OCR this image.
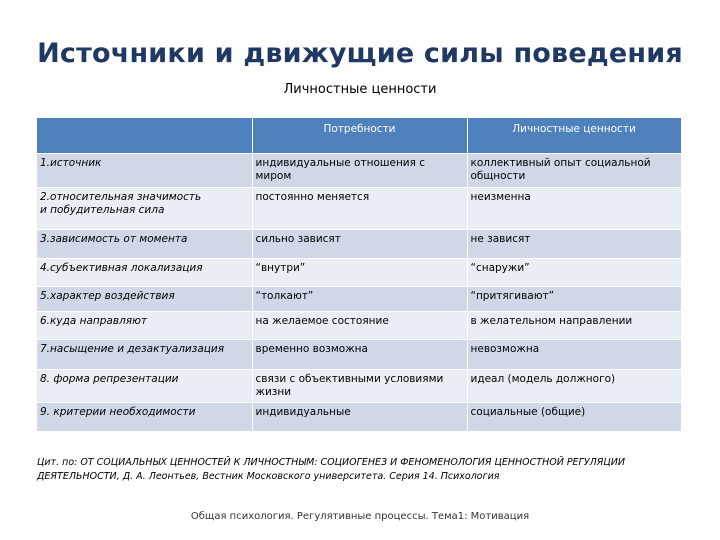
Источники и движущие силы поведения
Личностные ценности
	Потребности	Личностные ценности
1.источник	индивидуальные отношения с миром	коллективный опыт социальной общности
2.относительная значимость
и побудительная сила	постоянно меняется	неизменна
3.зависимость от момента	сильно зависят	не зависят
4.субъективная локализация	“внутри”	“снаружи”
5.характер воздействия	“толкают”	“притягивают”
6.куда направляют	на желаемое состояние	в желательном направлении
7.насыщение и дезактуализация	временно возможна	невозможна
8. форма репрезентации	связи с объективными условиями жизни	идеал (модель должного)
9. критерии необходимости	индивидуальные	социальные (общие)
Цит. по: ОТ СОЦИАЛЬНЫХ ЦЕННОСТЕЙ К ЛИЧНОСТНЫМ: СОЦИОГЕНЕЗ И ФЕНОМЕНОЛОГИЯ ЦЕННОСТНОЙ РЕГУЛЯЦИИ ДЕЯТЕЛЬНОСТИ, Д. А. Леонтьев, Вестник Московского университета. Серия 14. Психология
Общая психология. Регулятивные процессы. Тема1: Мотивация
